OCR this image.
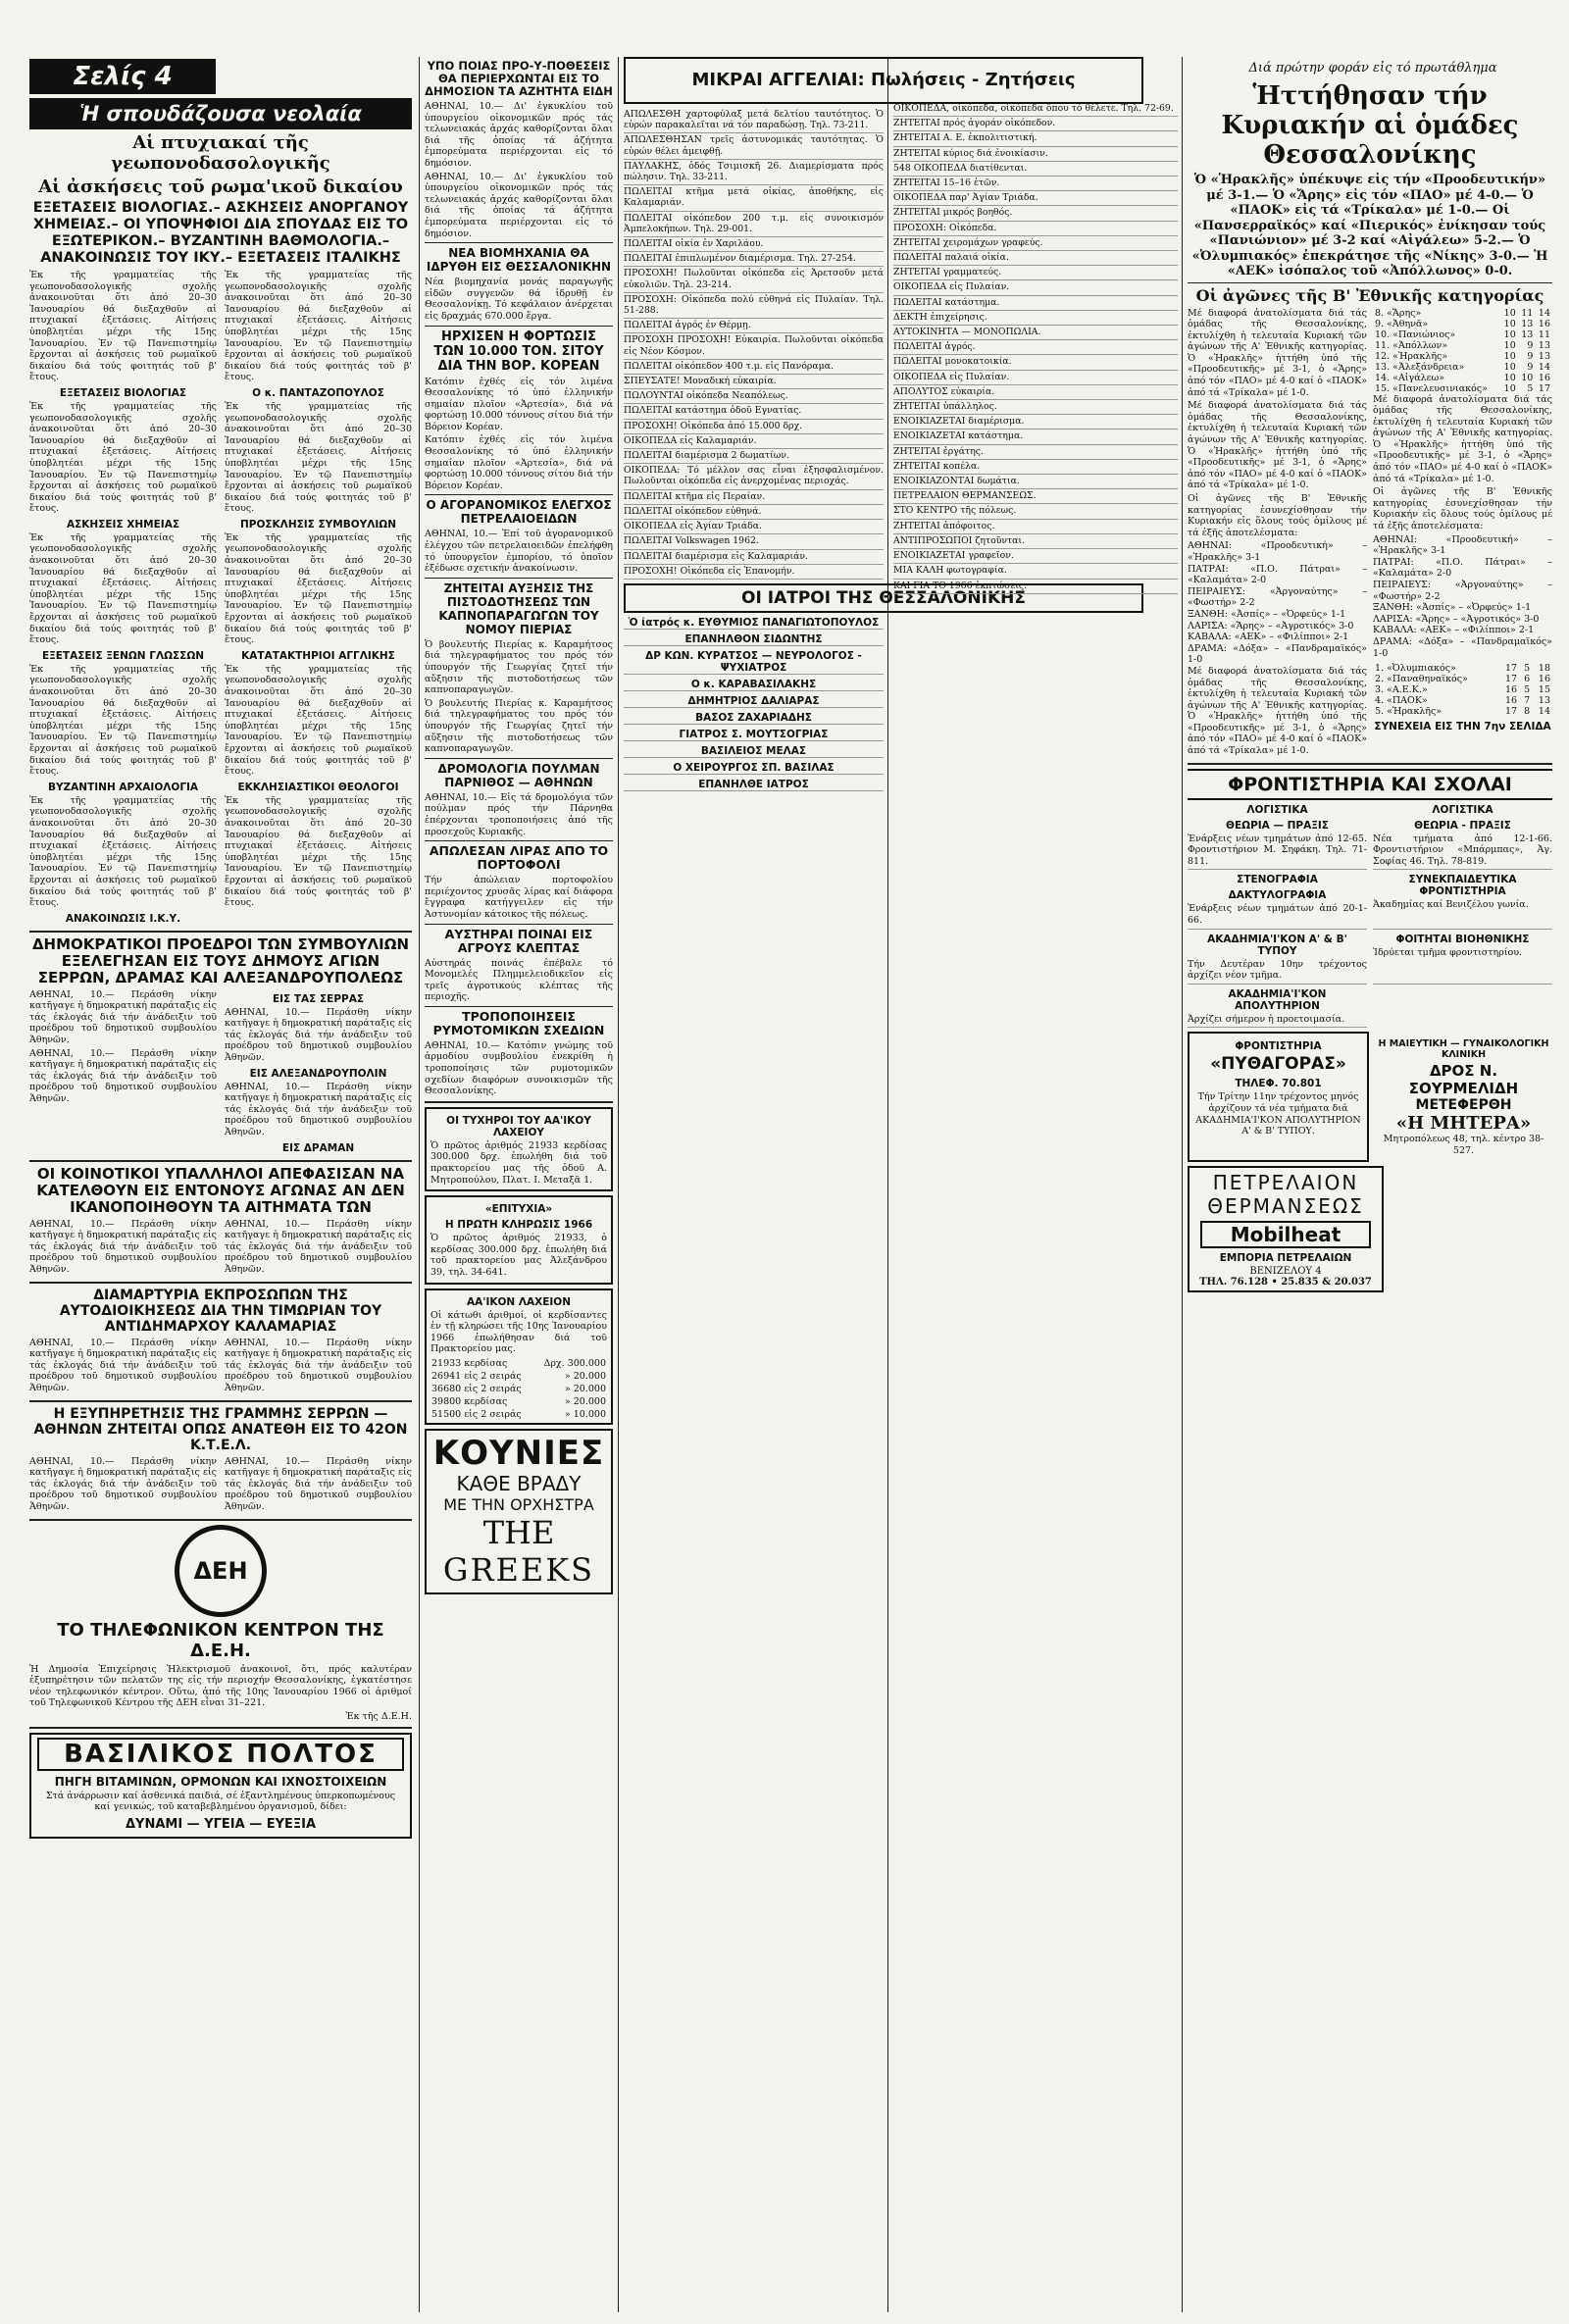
Σελίς 4	Διά πρώτην φοράν εἰς τό πρωτάθλημα
Ἡ σπουδάζουσα νεολαία
Αἱ πτυχιακαί τῆς γεωπονοδασολογικῆς
Αἱ ἀσκήσεις τοῦ ρωμα'ικοῦ δικαίου
ΕΞΕΤΑΣΕΙΣ ΒΙΟΛΟΓΙΑΣ.– ΑΣΚΗΣΕΙΣ ΑΝΟΡΓΑΝΟΥ ΧΗΜΕΙΑΣ.– ΟΙ ΥΠΟΨΗΦΙΟΙ ΔΙΑ ΣΠΟΥΔΑΣ ΕΙΣ ΤΟ ΕΞΩΤΕΡΙΚΟΝ.– ΒΥΖΑΝΤΙΝΗ ΒΑΘΜΟΛΟΓΙΑ.– ΑΝΑΚΟΙΝΩΣΙΣ ΤΟΥ ΙΚΥ.– ΕΞΕΤΑΣΕΙΣ ΙΤΑΛΙΚΗΣ

Ἐκ τῆς γραμματείας τῆς γεωπονοδασολογικῆς σχολῆς ἀνακοινοῦται ὅτι ἀπό 20–30 Ἰανουαρίου θά διεξαχθοῦν αἱ πτυχιακαί ἐξετάσεις. Αἰτήσεις ὑποβλητέαι μέχρι τῆς 15ης Ἰανουαρίου. Ἐν τῷ Πανεπιστημίῳ ἔρχονται αἱ ἀσκήσεις τοῦ ρωμαϊκοῦ δικαίου διά τούς φοιτητάς τοῦ β' ἔτους.

ΕΞΕΤΑΣΕΙΣ ΒΙΟΛΟΓΙΑΣ

Ἐκ τῆς γραμματείας τῆς γεωπονοδασολογικῆς σχολῆς ἀνακοινοῦται ὅτι ἀπό 20–30 Ἰανουαρίου θά διεξαχθοῦν αἱ πτυχιακαί ἐξετάσεις. Αἰτήσεις ὑποβλητέαι μέχρι τῆς 15ης Ἰανουαρίου. Ἐν τῷ Πανεπιστημίῳ ἔρχονται αἱ ἀσκήσεις τοῦ ρωμαϊκοῦ δικαίου διά τούς φοιτητάς τοῦ β' ἔτους.

ΑΣΚΗΣΕΙΣ ΧΗΜΕΙΑΣ

Ἐκ τῆς γραμματείας τῆς γεωπονοδασολογικῆς σχολῆς ἀνακοινοῦται ὅτι ἀπό 20–30 Ἰανουαρίου θά διεξαχθοῦν αἱ πτυχιακαί ἐξετάσεις. Αἰτήσεις ὑποβλητέαι μέχρι τῆς 15ης Ἰανουαρίου. Ἐν τῷ Πανεπιστημίῳ ἔρχονται αἱ ἀσκήσεις τοῦ ρωμαϊκοῦ δικαίου διά τούς φοιτητάς τοῦ β' ἔτους.

ΕΞΕΤΑΣΕΙΣ ΞΕΝΩΝ ΓΛΩΣΣΩΝ

Ἐκ τῆς γραμματείας τῆς γεωπονοδασολογικῆς σχολῆς ἀνακοινοῦται ὅτι ἀπό 20–30 Ἰανουαρίου θά διεξαχθοῦν αἱ πτυχιακαί ἐξετάσεις. Αἰτήσεις ὑποβλητέαι μέχρι τῆς 15ης Ἰανουαρίου. Ἐν τῷ Πανεπιστημίῳ ἔρχονται αἱ ἀσκήσεις τοῦ ρωμαϊκοῦ δικαίου διά τούς φοιτητάς τοῦ β' ἔτους.

ΒΥΖΑΝΤΙΝΗ ΑΡΧΑΙΟΛΟΓΙΑ

Ἐκ τῆς γραμματείας τῆς γεωπονοδασολογικῆς σχολῆς ἀνακοινοῦται ὅτι ἀπό 20–30 Ἰανουαρίου θά διεξαχθοῦν αἱ πτυχιακαί ἐξετάσεις. Αἰτήσεις ὑποβλητέαι μέχρι τῆς 15ης Ἰανουαρίου. Ἐν τῷ Πανεπιστημίῳ ἔρχονται αἱ ἀσκήσεις τοῦ ρωμαϊκοῦ δικαίου διά τούς φοιτητάς τοῦ β' ἔτους.

ΑΝΑΚΟΙΝΩΣΙΣ Ι.Κ.Υ.

Ἐκ τῆς γραμματείας τῆς γεωπονοδασολογικῆς σχολῆς ἀνακοινοῦται ὅτι ἀπό 20–30 Ἰανουαρίου θά διεξαχθοῦν αἱ πτυχιακαί ἐξετάσεις. Αἰτήσεις ὑποβλητέαι μέχρι τῆς 15ης Ἰανουαρίου. Ἐν τῷ Πανεπιστημίῳ ἔρχονται αἱ ἀσκήσεις τοῦ ρωμαϊκοῦ δικαίου διά τούς φοιτητάς τοῦ β' ἔτους.

Ο κ. ΠΑΝΤΑΖΟΠΟΥΛΟΣ

Ἐκ τῆς γραμματείας τῆς γεωπονοδασολογικῆς σχολῆς ἀνακοινοῦται ὅτι ἀπό 20–30 Ἰανουαρίου θά διεξαχθοῦν αἱ πτυχιακαί ἐξετάσεις. Αἰτήσεις ὑποβλητέαι μέχρι τῆς 15ης Ἰανουαρίου. Ἐν τῷ Πανεπιστημίῳ ἔρχονται αἱ ἀσκήσεις τοῦ ρωμαϊκοῦ δικαίου διά τούς φοιτητάς τοῦ β' ἔτους.

ΠΡΟΣΚΛΗΣΙΣ ΣΥΜΒΟΥΛΙΩΝ

Ἐκ τῆς γραμματείας τῆς γεωπονοδασολογικῆς σχολῆς ἀνακοινοῦται ὅτι ἀπό 20–30 Ἰανουαρίου θά διεξαχθοῦν αἱ πτυχιακαί ἐξετάσεις. Αἰτήσεις ὑποβλητέαι μέχρι τῆς 15ης Ἰανουαρίου. Ἐν τῷ Πανεπιστημίῳ ἔρχονται αἱ ἀσκήσεις τοῦ ρωμαϊκοῦ δικαίου διά τούς φοιτητάς τοῦ β' ἔτους.

ΚΑΤΑΤΑΚΤΗΡΙΟΙ ΑΓΓΛΙΚΗΣ

Ἐκ τῆς γραμματείας τῆς γεωπονοδασολογικῆς σχολῆς ἀνακοινοῦται ὅτι ἀπό 20–30 Ἰανουαρίου θά διεξαχθοῦν αἱ πτυχιακαί ἐξετάσεις. Αἰτήσεις ὑποβλητέαι μέχρι τῆς 15ης Ἰανουαρίου. Ἐν τῷ Πανεπιστημίῳ ἔρχονται αἱ ἀσκήσεις τοῦ ρωμαϊκοῦ δικαίου διά τούς φοιτητάς τοῦ β' ἔτους.

ΕΚΚΛΗΣΙΑΣΤΙΚΟΙ ΘΕΟΛΟΓΟΙ

Ἐκ τῆς γραμματείας τῆς γεωπονοδασολογικῆς σχολῆς ἀνακοινοῦται ὅτι ἀπό 20–30 Ἰανουαρίου θά διεξαχθοῦν αἱ πτυχιακαί ἐξετάσεις. Αἰτήσεις ὑποβλητέαι μέχρι τῆς 15ης Ἰανουαρίου. Ἐν τῷ Πανεπιστημίῳ ἔρχονται αἱ ἀσκήσεις τοῦ ρωμαϊκοῦ δικαίου διά τούς φοιτητάς τοῦ β' ἔτους.

ΔΗΜΟΚΡΑΤΙΚΟΙ ΠΡΟΕΔΡΟΙ ΤΩΝ ΣΥΜΒΟΥΛΙΩΝ ΕΞΕΛΕΓΗΣΑΝ ΕΙΣ ΤΟΥΣ ΔΗΜΟΥΣ ΑΓΙΩΝ ΣΕΡΡΩΝ, ΔΡΑΜΑΣ ΚΑΙ ΑΛΕΞΑΝΔΡΟΥΠΟΛΕΩΣ

ΑΘΗΝΑΙ, 10.— Περάσθη νίκην κατῆγαγε ἡ δημοκρατική παράταξις εἰς τάς ἐκλογάς διά τήν ἀνάδειξιν τοῦ προέδρου τοῦ δημοτικοῦ συμβουλίου Ἀθηνῶν.

ΑΘΗΝΑΙ, 10.— Περάσθη νίκην κατῆγαγε ἡ δημοκρατική παράταξις εἰς τάς ἐκλογάς διά τήν ἀνάδειξιν τοῦ προέδρου τοῦ δημοτικοῦ συμβουλίου Ἀθηνῶν.

ΕΙΣ ΤΑΣ ΣΕΡΡΑΣ

ΑΘΗΝΑΙ, 10.— Περάσθη νίκην κατῆγαγε ἡ δημοκρατική παράταξις εἰς τάς ἐκλογάς διά τήν ἀνάδειξιν τοῦ προέδρου τοῦ δημοτικοῦ συμβουλίου Ἀθηνῶν.

ΕΙΣ ΑΛΕΞΑΝΔΡΟΥΠΟΛΙΝ

ΑΘΗΝΑΙ, 10.— Περάσθη νίκην κατῆγαγε ἡ δημοκρατική παράταξις εἰς τάς ἐκλογάς διά τήν ἀνάδειξιν τοῦ προέδρου τοῦ δημοτικοῦ συμβουλίου Ἀθηνῶν.

ΕΙΣ ΔΡΑΜΑΝ
ΟΙ ΚΟΙΝΟΤΙΚΟΙ ΥΠΑΛΛΗΛΟΙ ΑΠΕΦΑΣΙΣΑΝ ΝΑ ΚΑΤΕΛΘΟΥΝ ΕΙΣ ΕΝΤΟΝΟΥΣ ΑΓΩΝΑΣ ΑΝ ΔΕΝ ΙΚΑΝΟΠΟΙΗΘΟΥΝ ΤΑ ΑΙΤΗΜΑΤΑ ΤΩΝ

ΑΘΗΝΑΙ, 10.— Περάσθη νίκην κατῆγαγε ἡ δημοκρατική παράταξις εἰς τάς ἐκλογάς διά τήν ἀνάδειξιν τοῦ προέδρου τοῦ δημοτικοῦ συμβουλίου Ἀθηνῶν.

ΑΘΗΝΑΙ, 10.— Περάσθη νίκην κατῆγαγε ἡ δημοκρατική παράταξις εἰς τάς ἐκλογάς διά τήν ἀνάδειξιν τοῦ προέδρου τοῦ δημοτικοῦ συμβουλίου Ἀθηνῶν.

ΔΙΑΜΑΡΤΥΡΙΑ ΕΚΠΡΟΣΩΠΩΝ ΤΗΣ ΑΥΤΟΔΙΟΙΚΗΣΕΩΣ ΔΙΑ ΤΗΝ ΤΙΜΩΡΙΑΝ ΤΟΥ ΑΝΤΙΔΗΜΑΡΧΟΥ ΚΑΛΑΜΑΡΙΑΣ

ΑΘΗΝΑΙ, 10.— Περάσθη νίκην κατῆγαγε ἡ δημοκρατική παράταξις εἰς τάς ἐκλογάς διά τήν ἀνάδειξιν τοῦ προέδρου τοῦ δημοτικοῦ συμβουλίου Ἀθηνῶν.

ΑΘΗΝΑΙ, 10.— Περάσθη νίκην κατῆγαγε ἡ δημοκρατική παράταξις εἰς τάς ἐκλογάς διά τήν ἀνάδειξιν τοῦ προέδρου τοῦ δημοτικοῦ συμβουλίου Ἀθηνῶν.

Η ΕΞΥΠΗΡΕΤΗΣΙΣ ΤΗΣ ΓΡΑΜΜΗΣ ΣΕΡΡΩΝ — ΑΘΗΝΩΝ ΖΗΤΕΙΤΑΙ ΟΠΩΣ ΑΝΑΤΕΘΗ ΕΙΣ ΤΟ 42ΟΝ Κ.Τ.Ε.Λ.

ΑΘΗΝΑΙ, 10.— Περάσθη νίκην κατῆγαγε ἡ δημοκρατική παράταξις εἰς τάς ἐκλογάς διά τήν ἀνάδειξιν τοῦ προέδρου τοῦ δημοτικοῦ συμβουλίου Ἀθηνῶν.

ΑΘΗΝΑΙ, 10.— Περάσθη νίκην κατῆγαγε ἡ δημοκρατική παράταξις εἰς τάς ἐκλογάς διά τήν ἀνάδειξιν τοῦ προέδρου τοῦ δημοτικοῦ συμβουλίου Ἀθηνῶν.

ΔΕΗ
ΤΟ ΤΗΛΕΦΩΝΙΚΟΝ ΚΕΝΤΡΟΝ ΤΗΣ Δ.Ε.Η.

Ἡ Δημοσία Ἐπιχείρησις Ἠλεκτρισμοῦ ἀνακοινοῖ, ὅτι, πρός καλυτέραν ἐξυπηρέτησιν τῶν πελατῶν της εἰς τήν περιοχήν Θεσσαλονίκης, ἐγκατέστησε νέον τηλεφωνικόν κέντρον. Οὕτω, ἀπό τῆς 10ης Ἰανουαρίου 1966 οἱ ἀριθμοί τοῦ Τηλεφωνικοῦ Κέντρου τῆς ΔΕΗ εἶναι 31–221.

Ἐκ τῆς Δ.Ε.Η.

ΒΑΣΙΛΙΚΟΣ ΠΟΛΤΟΣ
ΠΗΓΗ ΒΙΤΑΜΙΝΩΝ, ΟΡΜΟΝΩΝ ΚΑΙ ΙΧΝΟΣΤΟΙΧΕΙΩΝ

Στά ἀνάρρωσιν καί ἀσθενικά παιδιά, σέ ἐξαντλημένους ὑπερκοπωμένους καί γενικώς, τοῦ καταβεβλημένου ὀργανισμοῦ, δίδει:

ΔΥΝΑΜΙ — ΥΓΕΙΑ — ΕΥΕΞΙΑ
ΥΠΟ ΠΟΙΑΣ ΠΡΟ-Υ-ΠΟΘΕΣΕΙΣ ΘΑ ΠΕΡΙΕΡΧΩΝΤΑΙ ΕΙΣ ΤΟ ΔΗΜΟΣΙΟΝ ΤΑ ΑΖΗΤΗΤΑ ΕΙΔΗ

ΑΘΗΝΑΙ, 10.— Δι' ἐγκυκλίου τοῦ ὑπουργείου οἰκονομικῶν πρός τάς τελωνειακάς ἀρχάς καθορίζονται ὅλαι διά τῆς ὁποίας τά ἀζήτητα ἐμπορεύματα περιέρχονται εἰς τό δημόσιον.

ΑΘΗΝΑΙ, 10.— Δι' ἐγκυκλίου τοῦ ὑπουργείου οἰκονομικῶν πρός τάς τελωνειακάς ἀρχάς καθορίζονται ὅλαι διά τῆς ὁποίας τά ἀζήτητα ἐμπορεύματα περιέρχονται εἰς τό δημόσιον.

ΝΕΑ ΒΙΟΜΗΧΑΝΙΑ ΘΑ ΙΔΡΥΘΗ ΕΙΣ ΘΕΣΣΑΛΟΝΙΚΗΝ

Νέα βιομηχανία μονάς παραγωγῆς εἰδῶν συγγενῶν θά ἱδρυθῇ ἐν Θεσσαλονίκῃ. Τό κεφάλαιον ἀνέρχεται εἰς δραχμάς 670.000 ἔργα.

ΗΡΧΙΣΕΝ Η ΦΟΡΤΩΣΙΣ ΤΩΝ 10.000 ΤΟΝ. ΣΙΤΟΥ ΔΙΑ ΤΗΝ ΒΟΡ. ΚΟΡΕΑΝ

Κατόπιν ἐχθές εἰς τόν λιμένα Θεσσαλονίκης τό ὑπό ἐλληνικήν σημαίαν πλοῖον «Ἀρτεσία», διά νά φορτώσῃ 10.000 τόννους σίτου διά τήν Βόρειον Κορέαν.

Κατόπιν ἐχθές εἰς τόν λιμένα Θεσσαλονίκης τό ὑπό ἐλληνικήν σημαίαν πλοῖον «Ἀρτεσία», διά νά φορτώσῃ 10.000 τόννους σίτου διά τήν Βόρειον Κορέαν.

Ο ΑΓΟΡΑΝΟΜΙΚΟΣ ΕΛΕΓΧΟΣ ΠΕΤΡΕΛΑΙΟΕΙΔΩΝ

ΑΘΗΝΑΙ, 10.— Ἐπί τοῦ ἀγορανομικοῦ ἐλέγχου τῶν πετρελαιοειδῶν ἐπελήφθη τό ὑπουργεῖον ἐμπορίου, τό ὁποῖον ἐξέδωσε σχετικήν ἀνακοίνωσιν.

ΖΗΤΕΙΤΑΙ ΑΥΞΗΣΙΣ ΤΗΣ ΠΙΣΤΟΔΟΤΗΣΕΩΣ ΤΩΝ ΚΑΠΝΟΠΑΡΑΓΩΓΩΝ ΤΟΥ ΝΟΜΟΥ ΠΙΕΡΙΑΣ

Ὁ βουλευτής Πιερίας κ. Καραμήτσος διά τηλεγραφήματος του πρός τόν ὑπουργόν τῆς Γεωργίας ζητεῖ τήν αὔξησιν τῆς πιστοδοτήσεως τῶν καπνοπαραγωγῶν.

Ὁ βουλευτής Πιερίας κ. Καραμήτσος διά τηλεγραφήματος του πρός τόν ὑπουργόν τῆς Γεωργίας ζητεῖ τήν αὔξησιν τῆς πιστοδοτήσεως τῶν καπνοπαραγωγῶν.

ΔΡΟΜΟΛΟΓΙΑ ΠΟΥΛΜΑΝ ΠΑΡΝΙΘΟΣ — ΑΘΗΝΩΝ

ΑΘΗΝΑΙ, 10.— Εἰς τά δρομολόγια τῶν πούλμαν πρός τήν Πάρνηθα ἐπέρχονται τροποποιήσεις ἀπό τῆς προσεχοῦς Κυριακῆς.

ΑΠΩΛΕΣΑΝ ΛΙΡΑΣ ΑΠΟ ΤΟ ΠΟΡΤΟΦΟΛΙ

Τήν ἀπώλειαν πορτοφολίου περιέχοντος χρυσᾶς λίρας καί διάφορα ἔγγραφα κατήγγειλεν εἰς τήν Ἀστυνομίαν κάτοικος τῆς πόλεως.

ΑΥΣΤΗΡΑΙ ΠΟΙΝΑΙ ΕΙΣ ΑΓΡΟΥΣ ΚΛΕΠΤΑΣ

Αὐστηράς ποινάς ἐπέβαλε τό Μονομελές Πλημμελειοδικεῖον εἰς τρεῖς ἀγροτικούς κλέπτας τῆς περιοχῆς.

ΤΡΟΠΟΠΟΙΗΣΕΙΣ ΡΥΜΟΤΟΜΙΚΩΝ ΣΧΕΔΙΩΝ

ΑΘΗΝΑΙ, 10.— Κατόπιν γνώμης τοῦ ἁρμοδίου συμβουλίου ἐνεκρίθη ἡ τροποποίησις τῶν ρυμοτομικῶν σχεδίων διαφόρων συνοικισμῶν τῆς Θεσσαλονίκης.

ΟΙ ΤΥΧΗΡΟΙ ΤΟΥ ΑΑ'ΙΚΟΥ ΛΑΧΕΙΟΥ

Ὁ πρῶτος ἀριθμός 21933 κερδίσας 300.000 δρχ. ἐπωλήθη διά τοῦ πρακτορείου μας τῆς ὁδοῦ Α. Μητροπούλου, Πλατ. Ι. Μεταξᾶ 1.

«ΕΠΙΤΥΧΙΑ»
Η ΠΡΩΤΗ ΚΛΗΡΩΣΙΣ 1966

Ὁ πρῶτος ἀριθμός 21933, ὁ κερδίσας 300.000 δρχ. ἐπωλήθη διά τοῦ πρακτορείου μας Ἀλεξάνδρου 39, τηλ. 34-641.

ΑΑ'ΙΚΟΝ ΛΑΧΕΙΟΝ

Οἱ κάτωθι ἀριθμοί, οἱ κερδίσαντες ἐν τῇ κληρώσει τῆς 10ης Ἰανουαρίου 1966 ἐπωλήθησαν διά τοῦ Πρακτορείου μας.

21933 κερδίσας	Δρχ. 300.000
26941 εἰς 2 σειράς	» 20.000
36680 εἰς 2 σειράς	» 20.000
39800 κερδίσας	» 20.000
51500 εἰς 2 σειράς	» 10.000
ΚΟΥΝΙΕΣ
ΚΑΘΕ ΒΡΑΔΥ
ΜΕ ΤΗΝ ΟΡΧΗΣΤΡΑ
THE
GREEKS
ΜΙΚΡΑΙ ΑΓΓΕΛΙΑΙ: Πωλήσεις - Ζητήσεις

ΑΠΩΛΕΣΘΗ χαρτοφύλαξ μετά δελτίου ταυτότητος. Ὁ εὑρών παρακαλεῖται νά τόν παραδώσῃ. Τηλ. 73-211.

ΑΠΩΛΕΣΘΗΣΑΝ τρεῖς ἀστυνομικάς ταυτότητας. Ὁ εὑρών θέλει ἀμειφθῇ.

ΠΑΥΛΑΚΗΣ, ὁδός Τσιμισκῆ 26. Διαμερίσματα πρός πώλησιν. Τηλ. 33-211.

ΠΩΛΕΙΤΑΙ κτῆμα μετά οἰκίας, ἀποθήκης, εἰς Καλαμαριάν.

ΠΩΛΕΙΤΑΙ οἰκόπεδον 200 τ.μ. εἰς συνοικισμόν Ἀμπελοκήπων. Τηλ. 29-001.

ΠΩΛΕΙΤΑΙ οἰκία ἐν Χαριλάου.

ΠΩΛΕΙΤΑΙ ἐπιπλωμένον διαμέρισμα. Τηλ. 27-254.

ΠΡΟΣΟΧΗ! Πωλοῦνται οἰκόπεδα εἰς Ἀρετσοῦν μετά εὐκολιῶν. Τηλ. 23-214.

ΠΡΟΣΟΧΗ: Οἰκόπεδα πολύ εὐθηνά εἰς Πυλαίαν. Τηλ. 51-288.

ΠΩΛΕΙΤΑΙ ἀγρός ἐν Θέρμῃ.

ΠΡΟΣΟΧΗ ΠΡΟΣΟΧΗ! Εὐκαιρία. Πωλοῦνται οἰκόπεδα εἰς Νέον Κόσμον.

ΠΩΛΕΙΤΑΙ οἰκόπεδον 400 τ.μ. εἰς Πανόραμα.

ΣΠΕΥΣΑΤΕ! Μοναδική εὐκαιρία.

ΠΩΛΟΥΝΤΑΙ οἰκόπεδα Νεαπόλεως.

ΠΩΛΕΙΤΑΙ κατάστημα ὁδοῦ Εγνατίας.

ΠΡΟΣΟΧΗ! Οἰκόπεδα ἀπό 15.000 δρχ.

ΟΙΚΟΠΕΔΑ εἰς Καλαμαριάν.

ΠΩΛΕΙΤΑΙ διαμέρισμα 2 δωματίων.

ΟΙΚΟΠΕΔΑ: Τό μέλλον σας εἶναι ἐξησφαλισμένον. Πωλοῦνται οἰκόπεδα εἰς ἀνερχομένας περιοχάς.

ΠΩΛΕΙΤΑΙ κτῆμα εἰς Περαίαν.

ΠΩΛΕΙΤΑΙ οἰκόπεδον εὐθηνά.

ΟΙΚΟΠΕΔΑ εἰς Ἀγίαν Τριάδα.

ΠΩΛΕΙΤΑΙ Volkswagen 1962.

ΠΩΛΕΙΤΑΙ διαμέρισμα εἰς Καλαμαριάν.

ΠΡΟΣΟΧΗ! Οἰκόπεδα εἰς Ἐπανομήν.

ΟΙ ΙΑΤΡΟΙ ΤΗΣ ΘΕΣΣΑΛΟΝΙΚΗΣ
Ὁ ἰατρός κ. ΕΥΘΥΜΙΟΣ ΠΑΝΑΓΙΩΤΟΠΟΥΛΟΣ
ΕΠΑΝΗΛΘΟΝ ΣΙΔΩΝΤΗΣ
ΔΡ ΚΩΝ. ΚΥΡΑΤΣΟΣ — ΝΕΥΡΟΛΟΓΟΣ - ΨΥΧΙΑΤΡΟΣ
Ο κ. ΚΑΡΑΒΑΣΙΛΑΚΗΣ
ΔΗΜΗΤΡΙΟΣ ΔΑΛΙΑΡΑΣ
ΒΑΣΟΣ ΖΑΧΑΡΙΑΔΗΣ
ΓΙΑΤΡΟΣ Σ. ΜΟΥΤΣΟΓΡΙΑΣ
ΒΑΣΙΛΕΙΟΣ ΜΕΛΑΣ
Ο ΧΕΙΡΟΥΡΓΟΣ ΣΠ. ΒΑΣΙΛΑΣ
ΕΠΑΝΗΛΘΕ ΙΑΤΡΟΣ

ΟΙΚΟΠΕΔΑ, οἰκόπεδα, οἰκόπεδα ὅπου τό θέλετε. Τηλ. 72-69.

ΖΗΤΕΙΤΑΙ πρός ἀγοράν οἰκόπεδον.

ΖΗΤΕΙΤΑΙ Α. Ε. ἐκπολιτιστική.

ΖΗΤΕΙΤΑΙ κύριος διά ἐνοικίασιν.

548 ΟΙΚΟΠΕΔΑ διατίθενται.

ΖΗΤΕΙΤΑΙ 15–16 ἐτῶν.

ΟΙΚΟΠΕΔΑ παρ' Ἀγίαν Τριάδα.

ΖΗΤΕΙΤΑΙ μικρός βοηθός.

ΠΡΟΣΟΧΗ: Οἰκόπεδα.

ΖΗΤΕΙΤΑΙ χειρομάχων γραφεύς.

ΠΩΛΕΙΤΑΙ παλαιά οἰκία.

ΖΗΤΕΙΤΑΙ γραμματεύς.

ΟΙΚΟΠΕΔΑ εἰς Πυλαίαν.

ΠΩΛΕΙΤΑΙ κατάστημα.

ΔΕΚΤΗ ἐπιχείρησις.

ΑΥΤΟΚΙΝΗΤΑ — ΜΟΝΟΠΩΛΙΑ.

ΠΩΛΕΙΤΑΙ ἀγρός.

ΠΩΛΕΙΤΑΙ μονοκατοικία.

ΟΙΚΟΠΕΔΑ εἰς Πυλαίαν.

ΑΠΟΛΥΤΟΣ εὐκαιρία.

ΖΗΤΕΙΤΑΙ ὑπάλληλος.

ΕΝΟΙΚΙΑΖΕΤΑΙ διαμέρισμα.

ΕΝΟΙΚΙΑΖΕΤΑΙ κατάστημα.

ΖΗΤΕΙΤΑΙ ἐργάτης.

ΖΗΤΕΙΤΑΙ κοπέλα.

ΕΝΟΙΚΙΑΖΟΝΤΑΙ δωμάτια.

ΠΕΤΡΕΛΑΙΟΝ ΘΕΡΜΑΝΣΕΩΣ.

ΣΤΟ ΚΕΝΤΡΟ τῆς πόλεως.

ΖΗΤΕΙΤΑΙ ἀπόφοιτος.

ΑΝΤΙΠΡΟΣΩΠΟΙ ζητοῦνται.

ΕΝΟΙΚΙΑΖΕΤΑΙ γραφεῖον.

ΜΙΑ ΚΑΛΗ φωτογραφία.

ΚΑΙ ΓΙΑ ΤΟ 1966 ἐκπτώσεις.

Ἡττήθησαν τήν Κυριακήν αἱ ὁμάδες Θεσσαλονίκης

Ὁ «Ἡρακλῆς» ὑπέκυψε εἰς τήν «Προοδευτικήν» μέ 3-1.— Ὁ «Ἄρης» εἰς τόν «ΠΑΟ» μέ 4-0.— Ὁ «ΠΑΟΚ» εἰς τά «Τρίκαλα» μέ 1-0.— Οἱ «Πανσερραϊκός» καί «Πιερικός» ἐνίκησαν τούς «Πανιώνιον» μέ 3-2 καί «Αἰγάλεω» 5-2.— Ὁ «Ὀλυμπιακός» ἐπεκράτησε τῆς «Νίκης» 3-0.— Ἡ «ΑΕΚ» ἰσόπαλος τοῦ «Ἀπόλλωνος» 0-0.

Οἱ ἀγῶνες τῆς Β' Ἐθνικῆς κατηγορίας

Μέ διαφορά ἀνατολίσματα διά τάς ὁμάδας τῆς Θεσσαλονίκης, ἐκτυλίχθη ἡ τελευταία Κυριακή τῶν ἀγώνων τῆς Α' Ἐθνικῆς κατηγορίας. Ὁ «Ἡρακλῆς» ἡττήθη ὑπό τῆς «Προοδευτικῆς» μέ 3-1, ὁ «Ἄρης» ἀπό τόν «ΠΑΟ» μέ 4-0 καί ὁ «ΠΑΟΚ» ἀπό τά «Τρίκαλα» μέ 1-0.

Μέ διαφορά ἀνατολίσματα διά τάς ὁμάδας τῆς Θεσσαλονίκης, ἐκτυλίχθη ἡ τελευταία Κυριακή τῶν ἀγώνων τῆς Α' Ἐθνικῆς κατηγορίας. Ὁ «Ἡρακλῆς» ἡττήθη ὑπό τῆς «Προοδευτικῆς» μέ 3-1, ὁ «Ἄρης» ἀπό τόν «ΠΑΟ» μέ 4-0 καί ὁ «ΠΑΟΚ» ἀπό τά «Τρίκαλα» μέ 1-0.

Οἱ ἀγῶνες τῆς Β' Ἐθνικῆς κατηγορίας ἐσυνεχίσθησαν τήν Κυριακήν εἰς ὅλους τούς ὁμίλους μέ τά ἑξῆς ἀποτελέσματα:

ΑΘΗΝΑΙ: «Προοδευτική» – «Ἡρακλῆς» 3-1

ΠΑΤΡΑΙ: «Π.Ο. Πάτραι» – «Καλαμάτα» 2-0

ΠΕΙΡΑΙΕΥΣ: «Ἀργοναύτης» – «Φωστήρ» 2-2

ΞΑΝΘΗ: «Ἀσπίς» – «Ὀρφεύς» 1-1

ΛΑΡΙΣΑ: «Ἄρης» – «Ἀγροτικός» 3-0

ΚΑΒΑΛΑ: «ΑΕΚ» – «Φιλίπποι» 2-1

ΔΡΑΜΑ: «Δόξα» – «Πανδραμαϊκός» 1-0

Μέ διαφορά ἀνατολίσματα διά τάς ὁμάδας τῆς Θεσσαλονίκης, ἐκτυλίχθη ἡ τελευταία Κυριακή τῶν ἀγώνων τῆς Α' Ἐθνικῆς κατηγορίας. Ὁ «Ἡρακλῆς» ἡττήθη ὑπό τῆς «Προοδευτικῆς» μέ 3-1, ὁ «Ἄρης» ἀπό τόν «ΠΑΟ» μέ 4-0 καί ὁ «ΠΑΟΚ» ἀπό τά «Τρίκαλα» μέ 1-0.

8. «Ἄρης»	10	11	14
9. «Ἀθηνᾶ»	10	13	16
10. «Πανιώνιος»	10	13	11
11. «Ἀπόλλων»	10	9	13
12. «Ἡρακλῆς»	10	9	13
13. «Ἀλεξάνδρεια»	10	9	14
14. «Αἰγάλεω»	10	10	16
15. «Πανελευσινιακός»	10	5	17

Μέ διαφορά ἀνατολίσματα διά τάς ὁμάδας τῆς Θεσσαλονίκης, ἐκτυλίχθη ἡ τελευταία Κυριακή τῶν ἀγώνων τῆς Α' Ἐθνικῆς κατηγορίας. Ὁ «Ἡρακλῆς» ἡττήθη ὑπό τῆς «Προοδευτικῆς» μέ 3-1, ὁ «Ἄρης» ἀπό τόν «ΠΑΟ» μέ 4-0 καί ὁ «ΠΑΟΚ» ἀπό τά «Τρίκαλα» μέ 1-0.

Οἱ ἀγῶνες τῆς Β' Ἐθνικῆς κατηγορίας ἐσυνεχίσθησαν τήν Κυριακήν εἰς ὅλους τούς ὁμίλους μέ τά ἑξῆς ἀποτελέσματα:

ΑΘΗΝΑΙ: «Προοδευτική» – «Ἡρακλῆς» 3-1

ΠΑΤΡΑΙ: «Π.Ο. Πάτραι» – «Καλαμάτα» 2-0

ΠΕΙΡΑΙΕΥΣ: «Ἀργοναύτης» – «Φωστήρ» 2-2

ΞΑΝΘΗ: «Ἀσπίς» – «Ὀρφεύς» 1-1

ΛΑΡΙΣΑ: «Ἄρης» – «Ἀγροτικός» 3-0

ΚΑΒΑΛΑ: «ΑΕΚ» – «Φιλίπποι» 2-1

ΔΡΑΜΑ: «Δόξα» – «Πανδραμαϊκός» 1-0

1. «Ὀλυμπιακός»	17	5	18
2. «Παναθηναϊκός»	17	6	16
3. «Α.Ε.Κ.»	16	5	15
4. «ΠΑΟΚ»	16	7	13
5. «Ἡρακλῆς»	17	8	14
ΣΥΝΕΧΕΙΑ ΕΙΣ ΤΗΝ 7ην ΣΕΛΙΔΑ
ΦΡΟΝΤΙΣΤΗΡΙΑ ΚΑΙ ΣΧΟΛΑΙ
ΛΟΓΙΣΤΙΚΑ
ΘΕΩΡΙΑ — ΠΡΑΞΙΣ
Ἐνάρξεις νέων τμημάτων ἀπό 12-65. Φροντιστήριον Μ. Σηφάκη. Τηλ. 71-811.
ΛΟΓΙΣΤΙΚΑ
ΘΕΩΡΙΑ - ΠΡΑΞΙΣ
Νέα τμήματα ἀπό 12-1-66. Φροντιστήριον «Μπάρμπας», Ἀγ. Σοφίας 46. Τηλ. 78-819.
ΣΤΕΝΟΓΡΑΦΙΑ
ΔΑΚΤΥΛΟΓΡΑΦΙΑ
Ἐνάρξεις νέων τμημάτων ἀπό 20-1-66.
ΣΥΝΕΚΠΑΙΔΕΥΤΙΚΑ ΦΡΟΝΤΙΣΤΗΡΙΑ
Ἀκαδημίας καί Βενιζέλου γωνία.
ΑΚΑΔΗΜΙΑ'Ι'ΚΟΝ Α' & Β' ΤΥΠΟΥ
Τήν Δευτέραν 10ην τρέχοντος ἀρχίζει νέον τμῆμα.
ΦΟΙΤΗΤΑΙ ΒΙΟΗΘΝΙΚΗΣ
Ἰδρύεται τμῆμα φροντιστηρίου.
ΑΚΑΔΗΜΙΑ'Ι'ΚΟΝ ΑΠΟΛΥΤΗΡΙΟΝ
Ἀρχίζει σήμερον ἡ προετοιμασία.
ΦΡΟΝΤΙΣΤΗΡΙΑ
«ΠΥΘΑΓΟΡΑΣ»
ΤΗΛΕΦ. 70.801

Τήν Τρίτην 11ην τρέχοντος μηνός ἀρχίζουν τά νέα τμήματα διά ΑΚΑΔΗΜΙΑ'Ι'ΚΟΝ ΑΠΟΛΥΤΗΡΙΟΝ Α' & Β' ΤΥΠΟΥ.

Η ΜΑΙΕΥΤΙΚΗ — ΓΥΝΑΙΚΟΛΟΓΙΚΗ ΚΛΙΝΙΚΗ
ΔΡΟΣ Ν. ΣΟΥΡΜΕΛΙΔΗ
ΜΕΤΕΦΕΡΘΗ
«Η ΜΗΤΕΡΑ»

Μητροπόλεως 48, τηλ. κέντρο 38-527.

ΠΕΤΡΕΛΑΙΟΝ
ΘΕΡΜΑΝΣΕΩΣ
Mobilheat
ΕΜΠΟΡΙΑ ΠΕΤΡΕΛΑΙΩΝ
ΒΕΝΙΖΕΛΟΥ 4
ΤΗΛ. 76.128 • 25.835 & 20.037
